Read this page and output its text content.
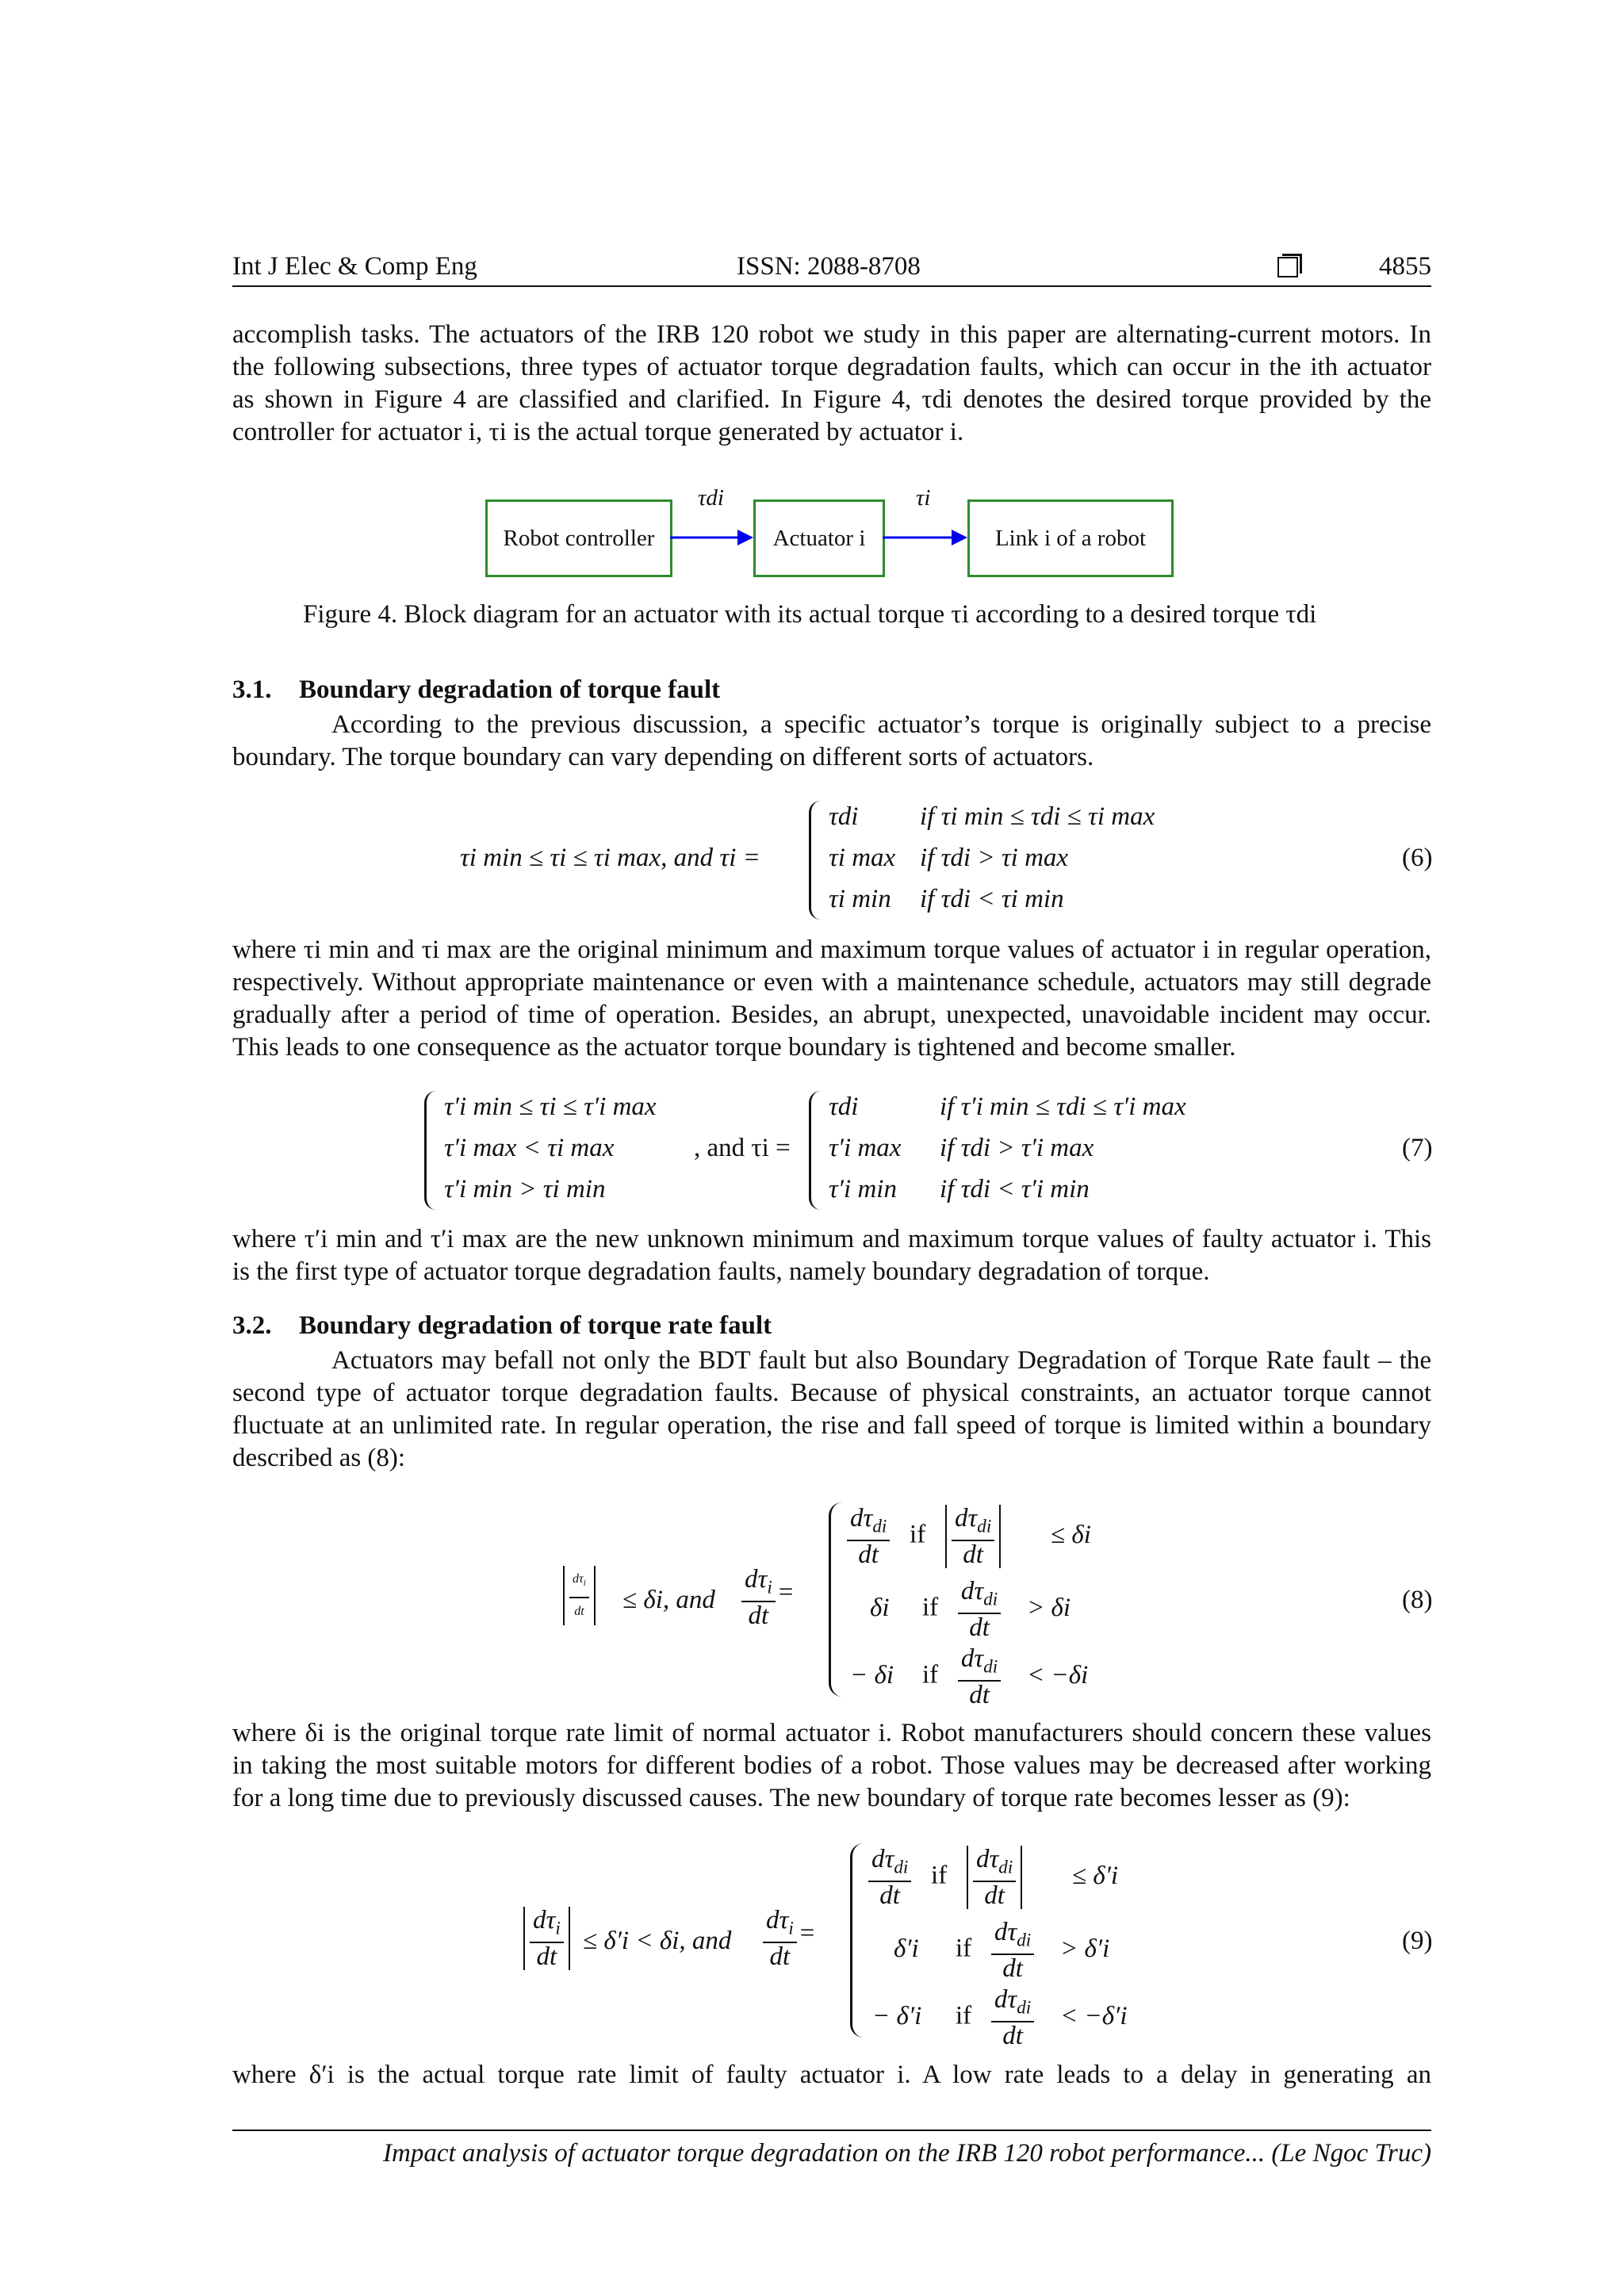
Int J Elec & Comp Eng	ISSN: 2088-8708	4855
accomplish tasks. The actuators of the IRB 120 robot we study in this paper are alternating-current motors. In
the following subsections, three types of actuator torque degradation faults, which can occur in the ith actuator
as shown in Figure 4 are classified and clarified. In Figure 4, τdi denotes the desired torque provided by the
controller for actuator i, τi is the actual torque generated by actuator i.
Robot controller	Actuator i	Link i of a robot
τdi	τi
Figure 4. Block diagram for an actuator with its actual torque τi according to a desired torque τdi
3.1. Boundary degradation of torque fault
According to the previous discussion, a specific actuator’s torque is originally subject to a precise
boundary. The torque boundary can vary depending on different sorts of actuators.
τi min ≤ τi ≤ τi max, and τi =
τdi if τi min ≤ τdi ≤ τi max
τi max if τdi > τi max
τi min if τdi < τi min
(6)
where τi min and τi max are the original minimum and maximum torque values of actuator i in regular operation,
respectively. Without appropriate maintenance or even with a maintenance schedule, actuators may still degrade
gradually after a period of time of operation. Besides, an abrupt, unexpected, unavoidable incident may occur.
This leads to one consequence as the actuator torque boundary is tightened and become smaller.
τ′i min ≤ τi ≤ τ′i max
τ′i max < τi max
τ′i min > τi min
, and τi =
τdi	if τ′i min ≤ τdi ≤ τ′i max
τ′i max if τdi > τ′i max
τ′i min if τdi < τ′i min
(7)
where τ′i min and τ′i max are the new unknown minimum and maximum torque values of faulty actuator i. This
is the first type of actuator torque degradation faults, namely boundary degradation of torque.
3.2. Boundary degradation of torque rate fault
Actuators may befall not only the BDT fault but also Boundary Degradation of Torque Rate fault – the
second type of actuator torque degradation faults. Because of physical constraints, an actuator torque cannot
fluctuate at an unlimited rate. In regular operation, the rise and fall speed of torque is limited within a boundary
described as (8):
$\frac{d\tau_i}{dt} \le \delta i$, and $\frac{d\tau_i}{dt}$ =
$\frac{d\tau_{di}}{dt}$ if $\frac{d\tau_{di}}{dt} \le \delta i$
δi if $\frac{d\tau_{di}}{dt} > \delta i$
− δi if $\frac{d\tau_{di}}{dt} < -\delta i$
(8)
where δi is the original torque rate limit of normal actuator i. Robot manufacturers should concern these values
in taking the most suitable motors for different bodies of a robot. Those values may be decreased after working
for a long time due to previously discussed causes. The new boundary of torque rate becomes lesser as (9):
$\frac{d\tau_i}{dt} \le \delta'i < \delta i$, and $\frac{d\tau_i}{dt}$ =
$\frac{d\tau_{di}}{dt}$ if $\frac{d\tau_{di}}{dt} \le \delta'i$
δ′i if $\frac{d\tau_{di}}{dt} > \delta'i$
− δ′i if $\frac{d\tau_{di}}{dt} < -\delta'i$
(9)
where δ′i is the actual torque rate limit of faulty actuator i. A low rate leads to a delay in generating an
Impact analysis of actuator torque degradation on the IRB 120 robot performance... (Le Ngoc Truc)
